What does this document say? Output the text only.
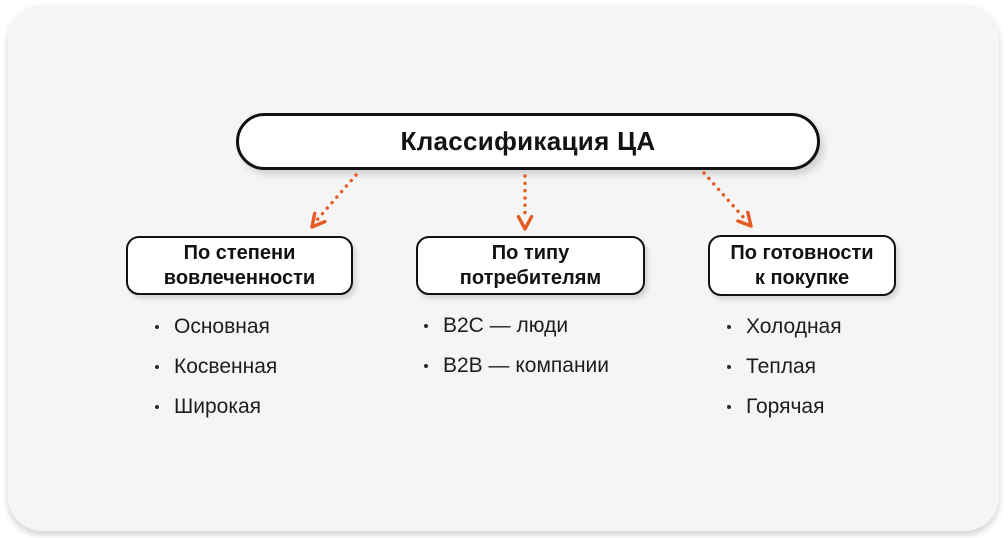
Классификация ЦА
По степени
вовлеченности
Основная
Косвенная
Широкая
По типу
потребителям
B2C — люди
B2B — компании
По готовности
к покупке
Холодная
Теплая
Горячая
